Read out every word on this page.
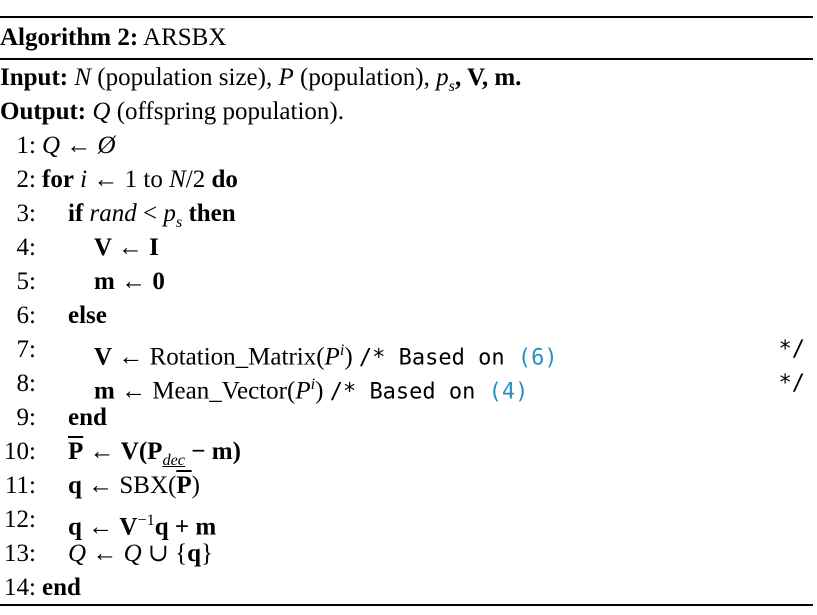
Algorithm 2: ARSBX
Input: N (population size), P (population), $p_s$, V, m.
Output: Q (offspring population).
1: Q ← Ø
2: for i ← 1 to N/2 do
3: if rand < $p_s$ then
4: V ← I
5: m ← 0
6: else
7: V ← $Rotation\_Matrix(P^i)$ /* Based on (6)	*/
8: m ← $Mean\_Vector(P^i)$ /* Based on (4)	*/
9: end
10: $\overline{P}$ ← $V(P_{dec} - m)$
11: q ← $SBX(\overline{P})$
12: q ← $V^{-1}q + m$
13: Q ← Q ∪ {q}
14: end
